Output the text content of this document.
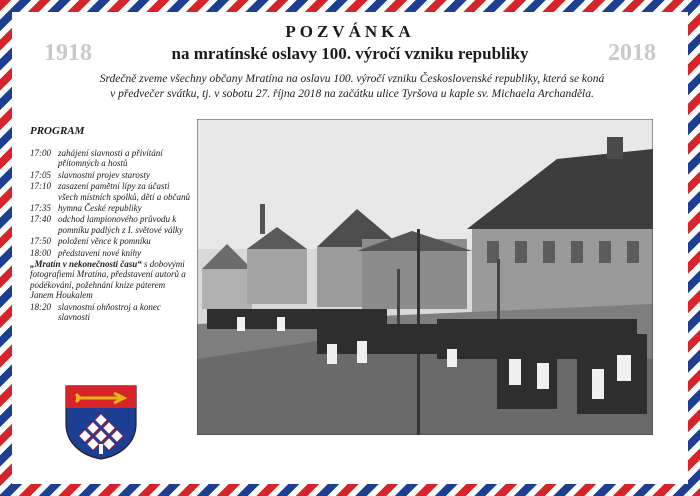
1918	2018
POZVÁNKA
na mratínské oslavy 100. výročí vzniku republiky
Srdečně zveme všechny občany Mratína na oslavu 100. výročí vzniku Československé republiky, která se koná
v předvečer svátku, tj. v sobotu 27. října 2018 na začátku ulice Tyršova u kaple sv. Michaela Archanděla.
PROGRAM
17:00 zahájení slavnosti a přivítání přítomných a hostů
17:05 slavnostní projev starosty
17:10 zasazení pamětní lípy za účasti všech místních spolků, dětí a občanů
17:35 hymna České republiky
17:40 odchod lampionového průvodu k pomníku padlých z I. světové války
17:50 položení věnce k pomníku
18:00 představení nové knihy
„Mratín v nekonečnosti času“ s dobovými fotografiemi Mratína, představení autorů a podékování, požehnání knize páterem Janem Houkalem
18:20 slavnostní ohňostroj a konec slavnosti
